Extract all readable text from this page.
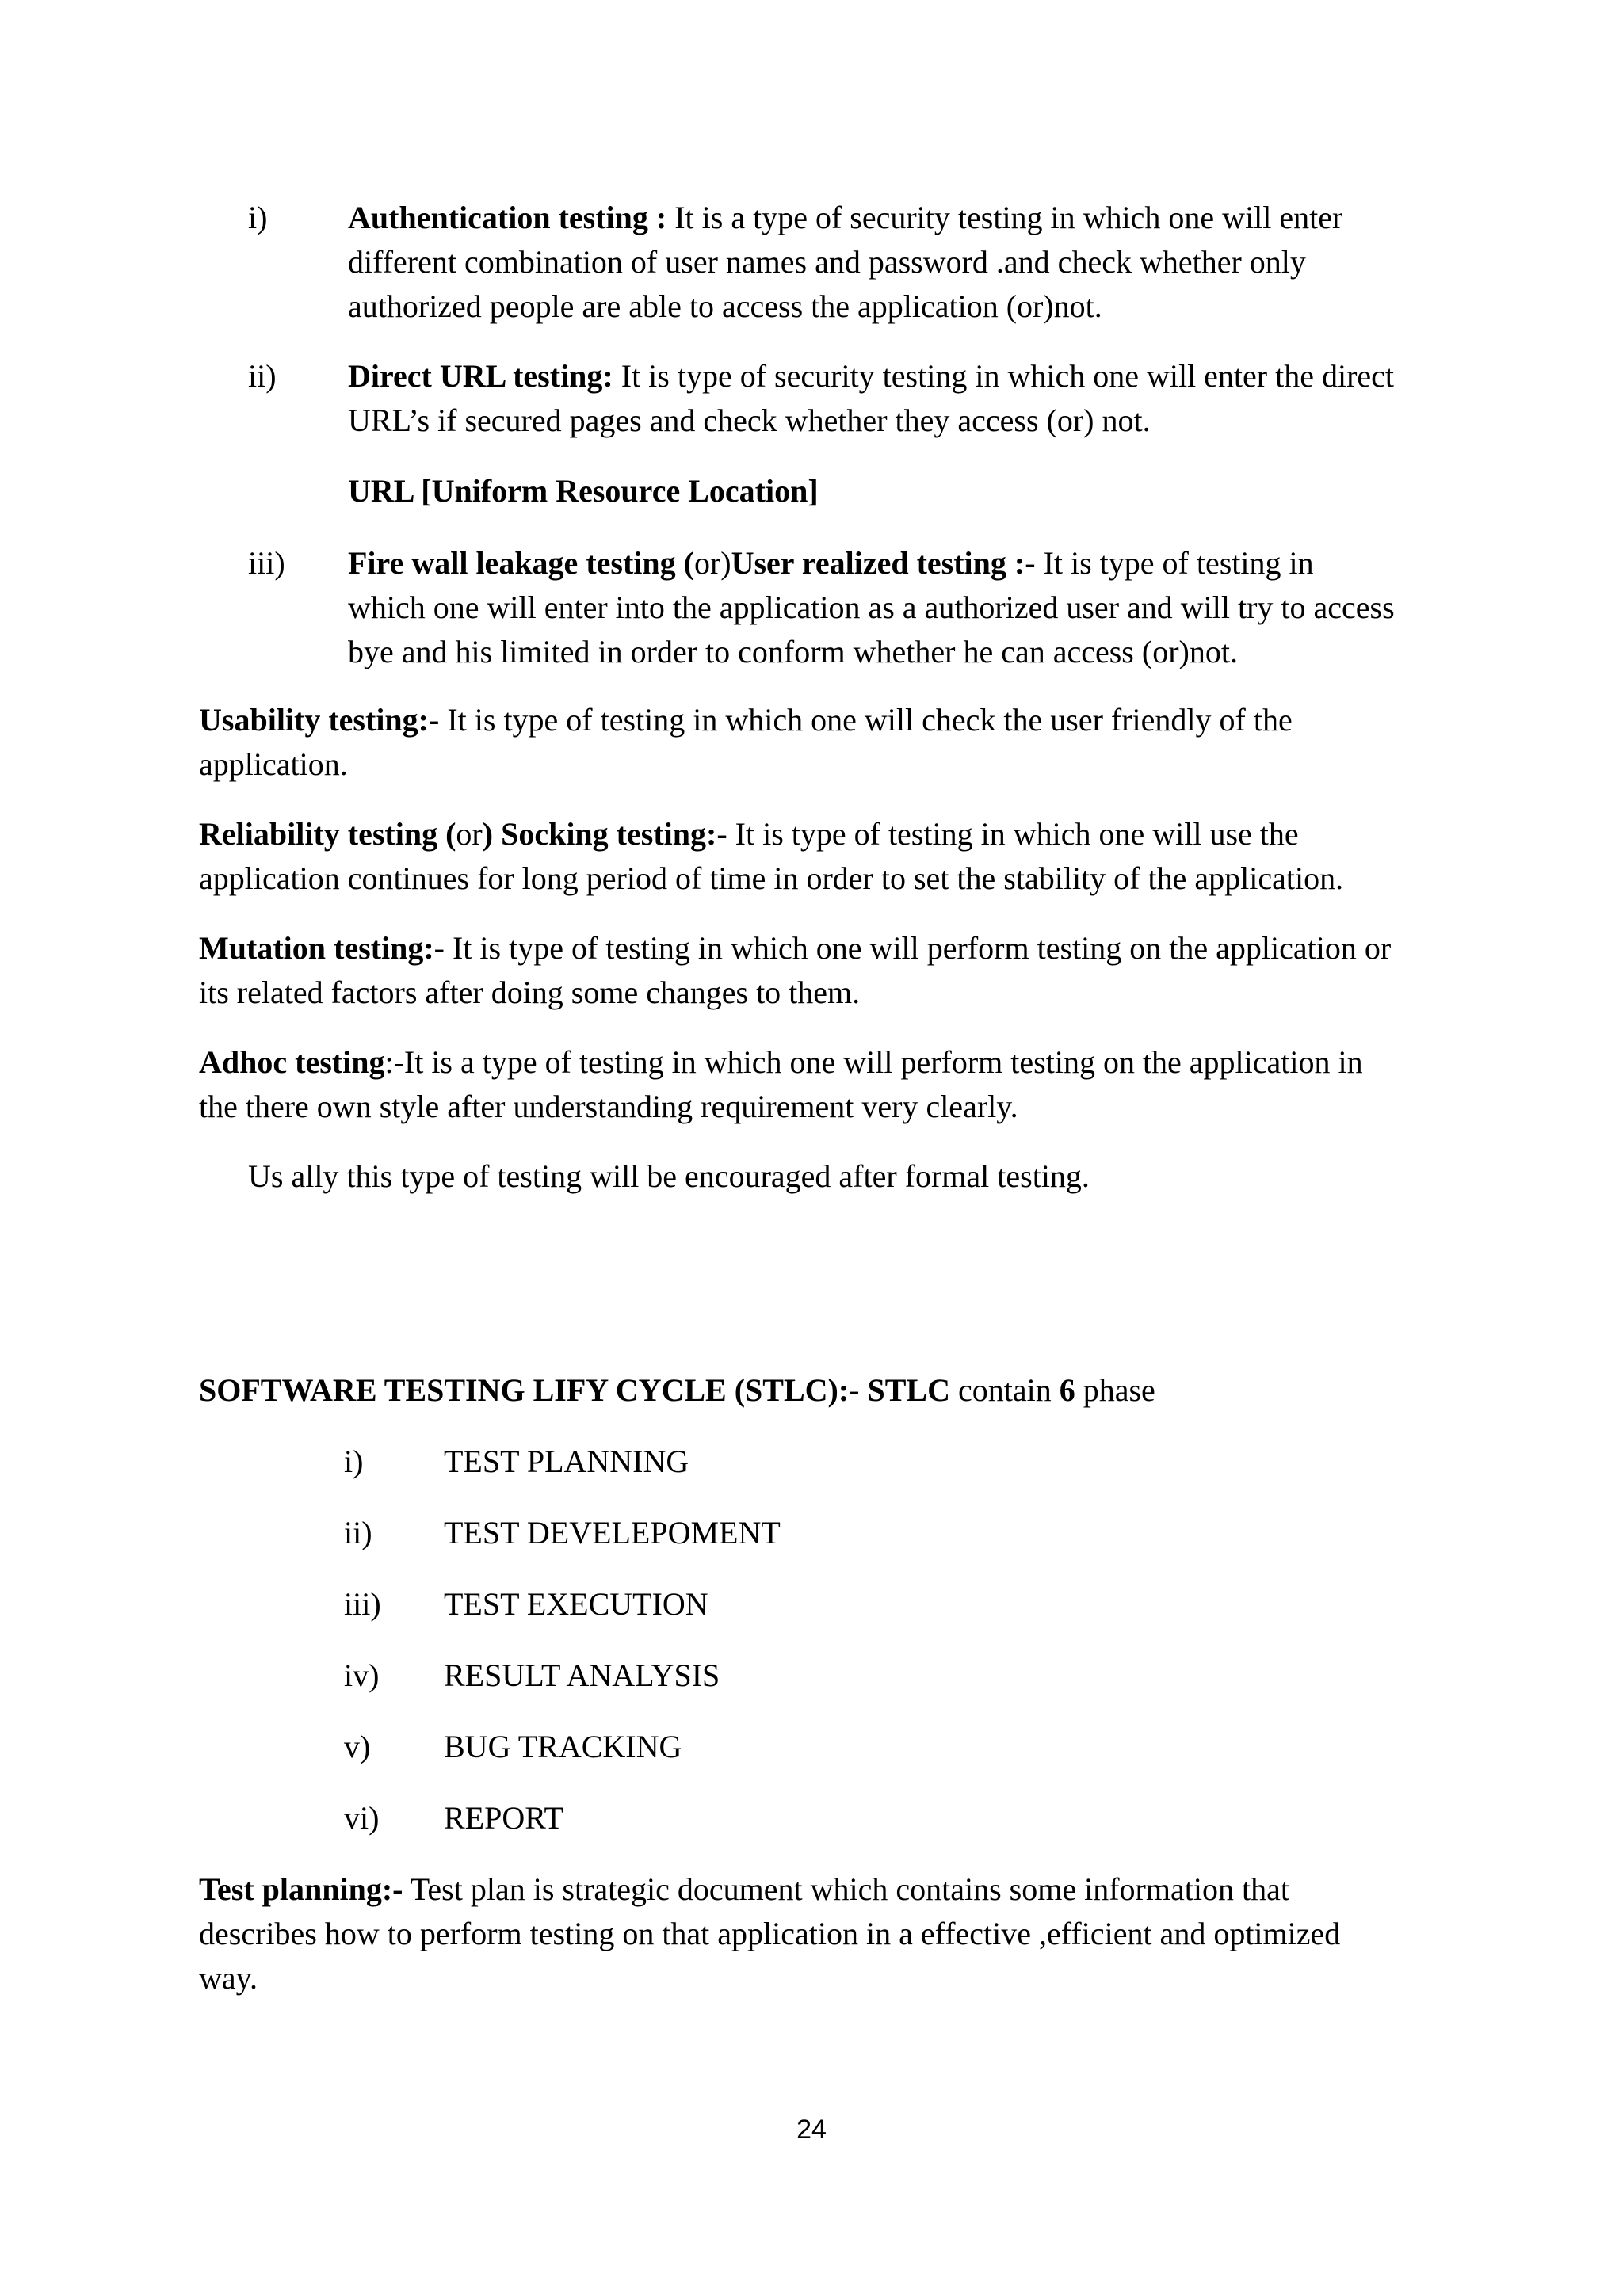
i)	Authentication testing : It is a type of security testing in which one will enter
different combination of user names and password .and check whether only
authorized people are able to access the application (or)not.
ii) Direct URL testing: It is type of security testing in which one will enter the direct
URL’s if secured pages and check whether they access (or) not.
URL [Uniform Resource Location]
iii) Fire wall leakage testing (or)User realized testing :- It is type of testing in
which one will enter into the application as a authorized user and will try to access
bye and his limited in order to conform whether he can access (or)not.
Usability testing:- It is type of testing in which one will check the user friendly of the
application.
Reliability testing (or) Socking testing:- It is type of testing in which one will use the
application continues for long period of time in order to set the stability of the application.
Mutation testing:- It is type of testing in which one will perform testing on the application or
its related factors after doing some changes to them.
Adhoc testing:-It is a type of testing in which one will perform testing on the application in
the there own style after understanding requirement very clearly.
Us ally this type of testing will be encouraged after formal testing.
SOFTWARE TESTING LIFY CYCLE (STLC):- STLC contain 6 phase
i)	TEST PLANNING
ii) TEST DEVELEPOMENT
iii) TEST EXECUTION
iv) RESULT ANALYSIS
v) BUG TRACKING
vi) REPORT
Test planning:- Test plan is strategic document which contains some information that
describes how to perform testing on that application in a effective ,efficient and optimized
way.
24
